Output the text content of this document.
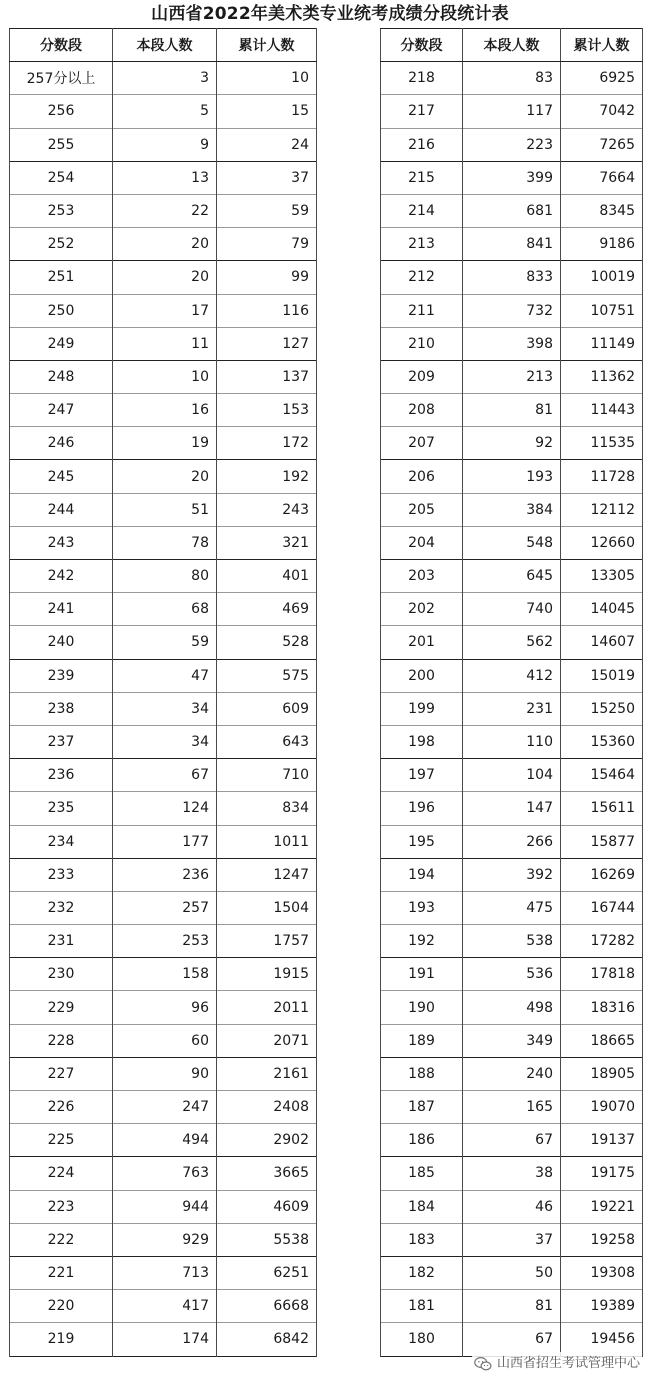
山西省2022年美术类专业统考成绩分段统计表
分数段	本段人数	累计人数
257分以上	3	10
256	5	15
255	9	24
254	13	37
253	22	59
252	20	79
251	20	99
250	17	116
249	11	127
248	10	137
247	16	153
246	19	172
245	20	192
244	51	243
243	78	321
242	80	401
241	68	469
240	59	528
239	47	575
238	34	609
237	34	643
236	67	710
235	124	834
234	177	1011
233	236	1247
232	257	1504
231	253	1757
230	158	1915
229	96	2011
228	60	2071
227	90	2161
226	247	2408
225	494	2902
224	763	3665
223	944	4609
222	929	5538
221	713	6251
220	417	6668
219	174	6842
分数段	本段人数	累计人数
218	83	6925
217	117	7042
216	223	7265
215	399	7664
214	681	8345
213	841	9186
212	833	10019
211	732	10751
210	398	11149
209	213	11362
208	81	11443
207	92	11535
206	193	11728
205	384	12112
204	548	12660
203	645	13305
202	740	14045
201	562	14607
200	412	15019
199	231	15250
198	110	15360
197	104	15464
196	147	15611
195	266	15877
194	392	16269
193	475	16744
192	538	17282
191	536	17818
190	498	18316
189	349	18665
188	240	18905
187	165	19070
186	67	19137
185	38	19175
184	46	19221
183	37	19258
182	50	19308
181	81	19389
180	67	19456
山西省招生考试管理中心
